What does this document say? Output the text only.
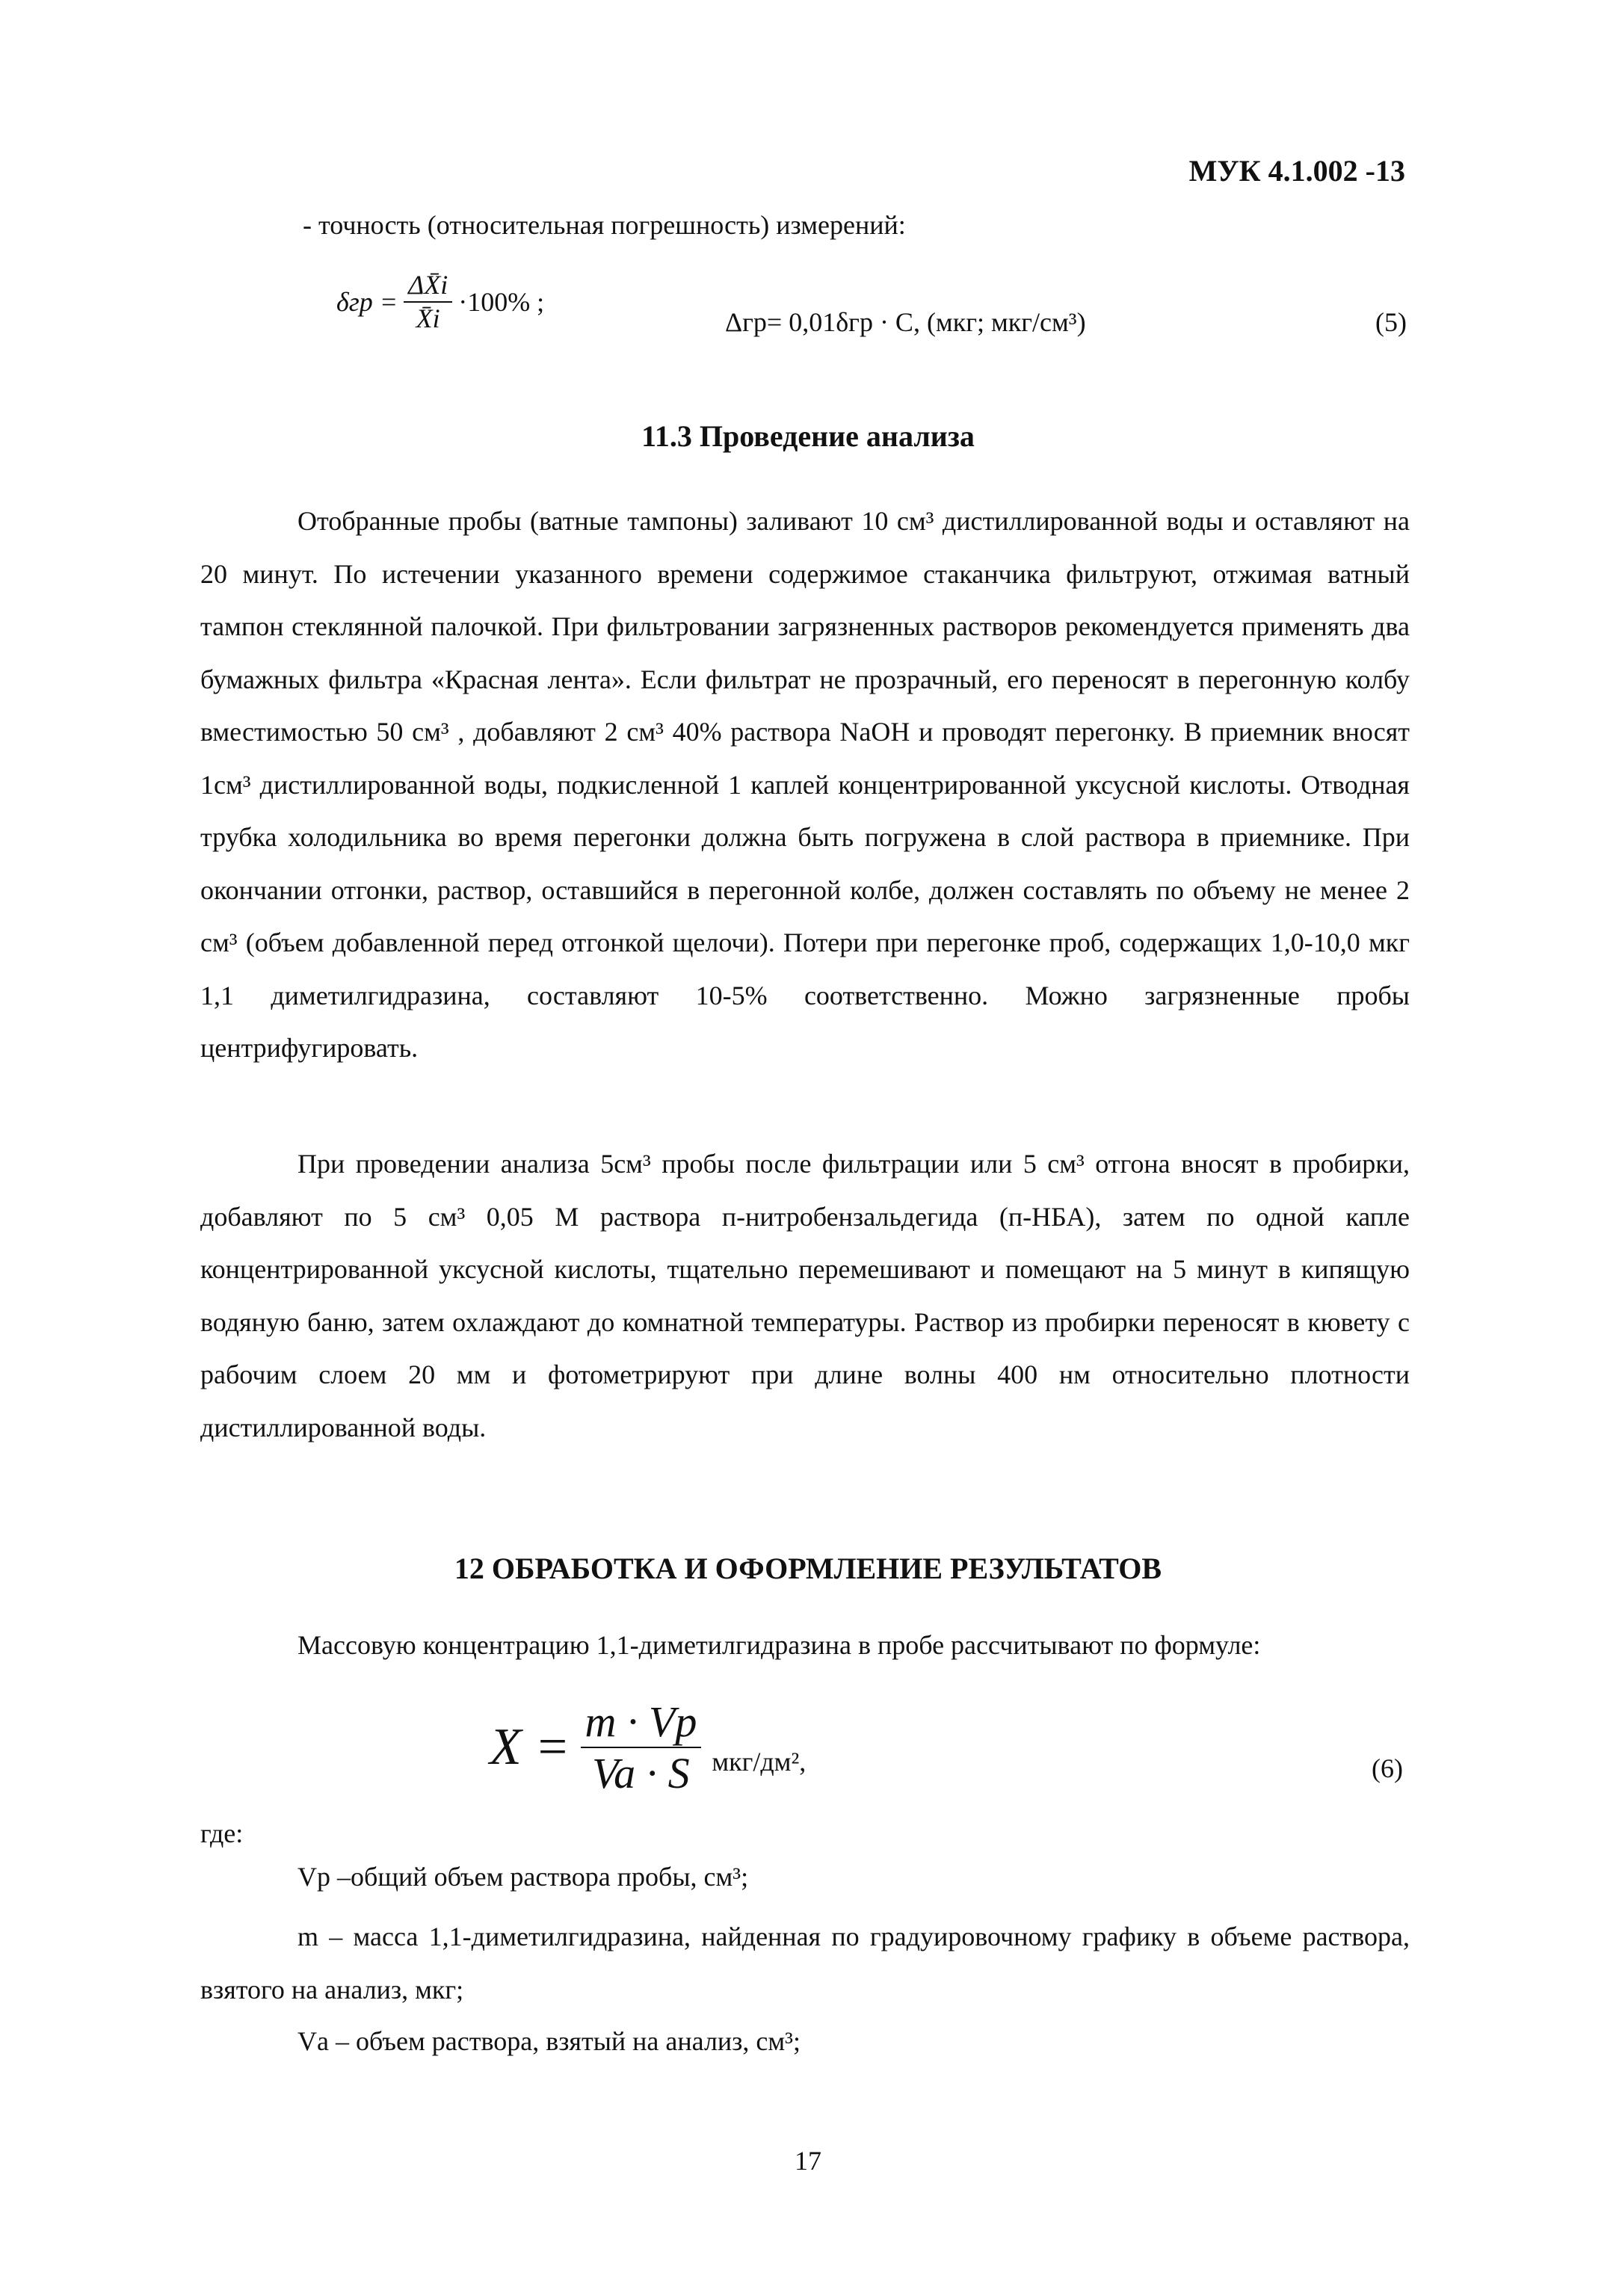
МУК 4.1.002 -13
- точность (относительная погрешность) измерений:
$\delta гр = \frac{\Delta X̄i}{X̄i} \cdot 100\%$ ;
Δгр= 0,01δгр · С, (мкг; мкг/см³)	(5)
11.3 Проведение анализа
Отобранные пробы (ватные тампоны) заливают 10 см³ дистиллированной воды и оставляют на 20 минут. По истечении указанного времени содержимое стаканчика фильтруют, отжимая ватный тампон стеклянной палочкой. При фильтровании загрязненных растворов рекомендуется применять два бумажных фильтра «Красная лента». Если фильтрат не прозрачный, его переносят в перегонную колбу вместимостью 50 см³ , добавляют 2 см³ 40% раствора NaOH и проводят перегонку. В приемник вносят 1см³ дистиллированной воды, подкисленной 1 каплей концентрированной уксусной кислоты. Отводная трубка холодильника во время перегонки должна быть погружена в слой раствора в приемнике. При окончании отгонки, раствор, оставшийся в перегонной колбе, должен составлять по объему не менее 2 см³ (объем добавленной перед отгонкой щелочи). Потери при перегонке проб, содержащих 1,0-10,0 мкг 1,1 диметилгидразина, составляют 10-5% соответственно. Можно загрязненные пробы центрифугировать.
При проведении анализа 5см³ пробы после фильтрации или 5 см³ отгона вносят в пробирки, добавляют по 5 см³ 0,05 М раствора п-нитробензальдегида (п-НБА), затем по одной капле концентрированной уксусной кислоты, тщательно перемешивают и помещают на 5 минут в кипящую водяную баню, затем охлаждают до комнатной температуры. Раствор из пробирки переносят в кювету с рабочим слоем 20 мм и фотометрируют при длине волны 400 нм относительно плотности дистиллированной воды.
12 ОБРАБОТКА И ОФОРМЛЕНИЕ РЕЗУЛЬТАТОВ
Массовую концентрацию 1,1-диметилгидразина в пробе рассчитывают по формуле:
$X = \frac{m \cdot Vp}{Va \cdot S} мкг/дм^2$,	(6)
где:
Vр –общий объем раствора пробы, см³;
m – масса 1,1-диметилгидразина, найденная по градуировочному графику в объеме раствора, взятого на анализ, мкг;
Vа – объем раствора, взятый на анализ, см³;
17
